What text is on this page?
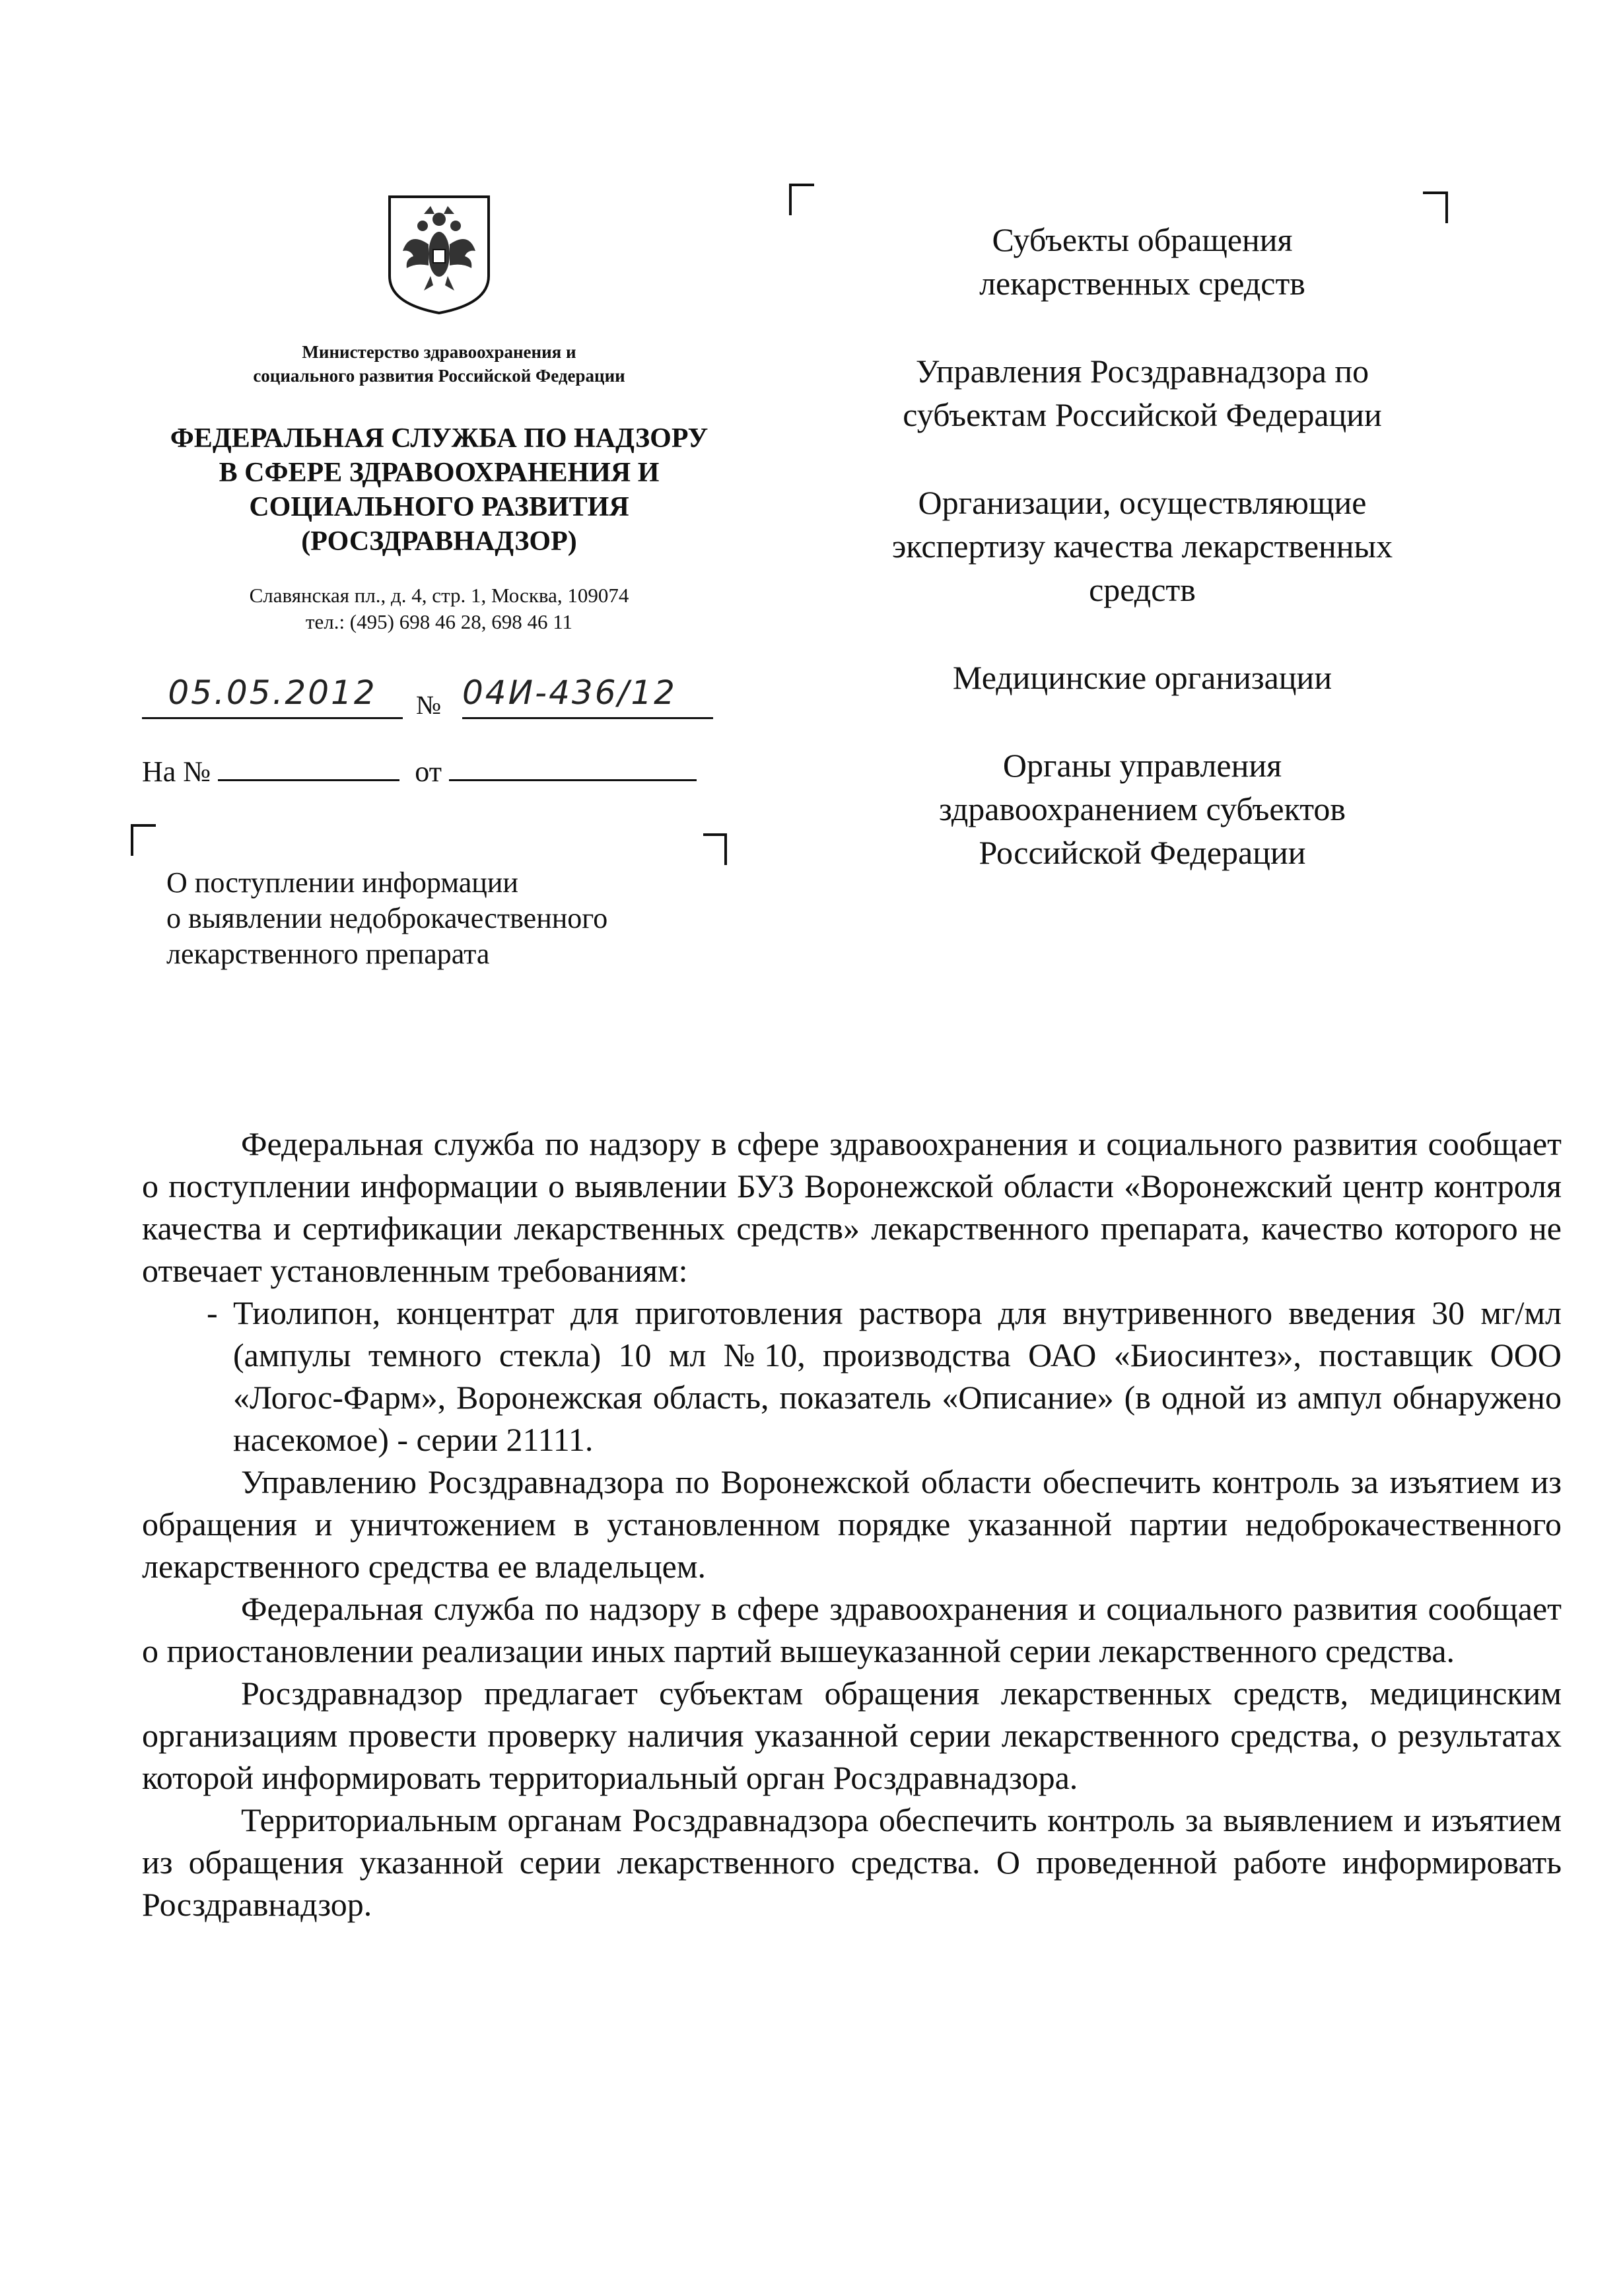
Министерство здравоохранения и
социального развития Российской Федерации
ФЕДЕРАЛЬНАЯ СЛУЖБА ПО НАДЗОРУ
В СФЕРЕ ЗДРАВООХРАНЕНИЯ И
СОЦИАЛЬНОГО РАЗВИТИЯ
(РОСЗДРАВНАДЗОР)
Славянская пл., д. 4, стр. 1, Москва, 109074
тел.: (495) 698 46 28, 698 46 11
05.05.2012	№ 04И-436/12
На №	от
О поступлении информации
о выявлении недоброкачественного
лекарственного препарата
Субъекты обращения
лекарственных средств
Управления Росздравнадзора по
субъектам Российской Федерации
Организации, осуществляющие
экспертизу качества лекарственных
средств
Медицинские организации
Органы управления
здравоохранением субъектов
Российской Федерации

Федеральная служба по надзору в сфере здравоохранения и социального развития сообщает о поступлении информации о выявлении БУЗ Воронежской области «Воронежский центр контроля качества и сертификации лекарственных средств» лекарственного препарата, качество которого не отвечает установленным требованиям:

- Тиолипон, концентрат для приготовления раствора для внутривенного введения 30 мг/мл (ампулы темного стекла) 10 мл №10, производства ОАО «Биосинтез», поставщик ООО «Логос-Фарм», Воронежская область, показатель «Описание» (в одной из ампул обнаружено насекомое) - серии 21111.

Управлению Росздравнадзора по Воронежской области обеспечить контроль за изъятием из обращения и уничтожением в установленном порядке указанной партии недоброкачественного лекарственного средства ее владельцем.

Федеральная служба по надзору в сфере здравоохранения и социального развития сообщает о приостановлении реализации иных партий вышеуказанной серии лекарственного средства.

Росздравнадзор предлагает субъектам обращения лекарственных средств, медицинским организациям провести проверку наличия указанной серии лекарственного средства, о результатах которой информировать территориальный орган Росздравнадзора.

Территориальным органам Росздравнадзора обеспечить контроль за выявлением и изъятием из обращения указанной серии лекарственного средства. О проведенной работе информировать Росздравнадзор.
